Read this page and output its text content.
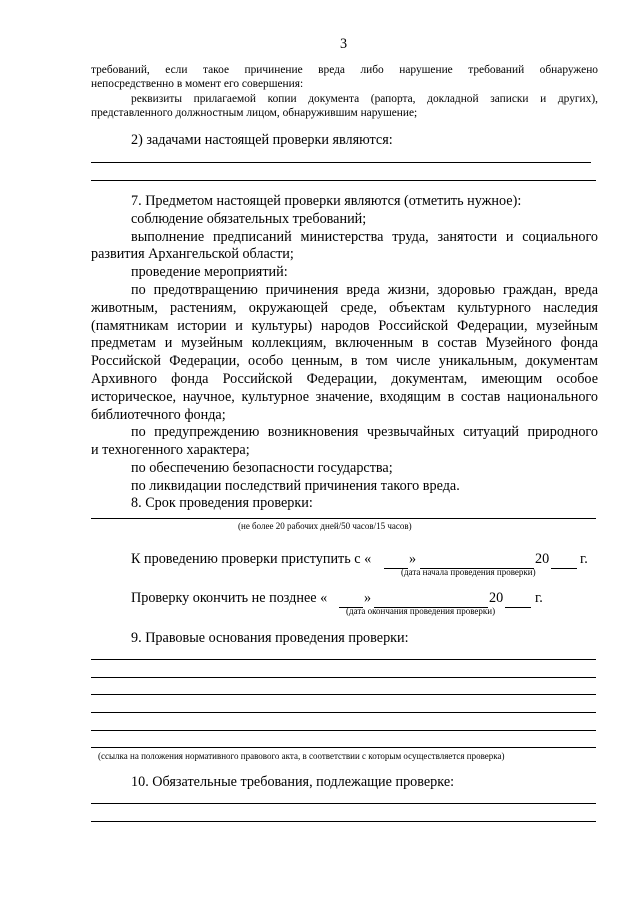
3
требований, если такое причинение вреда либо нарушение требований обнаружено
непосредственно в момент его совершения:
реквизиты прилагаемой копии документа (рапорта, докладной записки и других),
представленного должностным лицом, обнаружившим нарушение;
2) задачами настоящей проверки являются:
7. Предметом настоящей проверки являются (отметить нужное):
соблюдение обязательных требований;
выполнение предписаний министерства труда, занятости и социального
развития Архангельской области;
проведение мероприятий:
по предотвращению причинения вреда жизни, здоровью граждан, вреда
животным, растениям, окружающей среде, объектам культурного наследия
(памятникам истории и культуры) народов Российской Федерации, музейным
предметам и музейным коллекциям, включенным в состав Музейного фонда
Российской Федерации, особо ценным, в том числе уникальным, документам
Архивного фонда Российской Федерации, документам, имеющим особое
историческое, научное, культурное значение, входящим в состав национального
библиотечного фонда;
по предупреждению возникновения чрезвычайных ситуаций природного
и техногенного характера;
по обеспечению безопасности государства;
по ликвидации последствий причинения такого вреда.
8. Срок проведения проверки:
(не более 20 рабочих дней/50 часов/15 часов)
К проведению проверки приступить с «	»	20 г.
(дата начала проведения проверки)
Проверку окончить не позднее «	»	20 г.
(дата окончания проведения проверки)
9. Правовые основания проведения проверки:
(ссылка на положения нормативного правового акта, в соответствии с которым осуществляется проверка)
10. Обязательные требования, подлежащие проверке:
